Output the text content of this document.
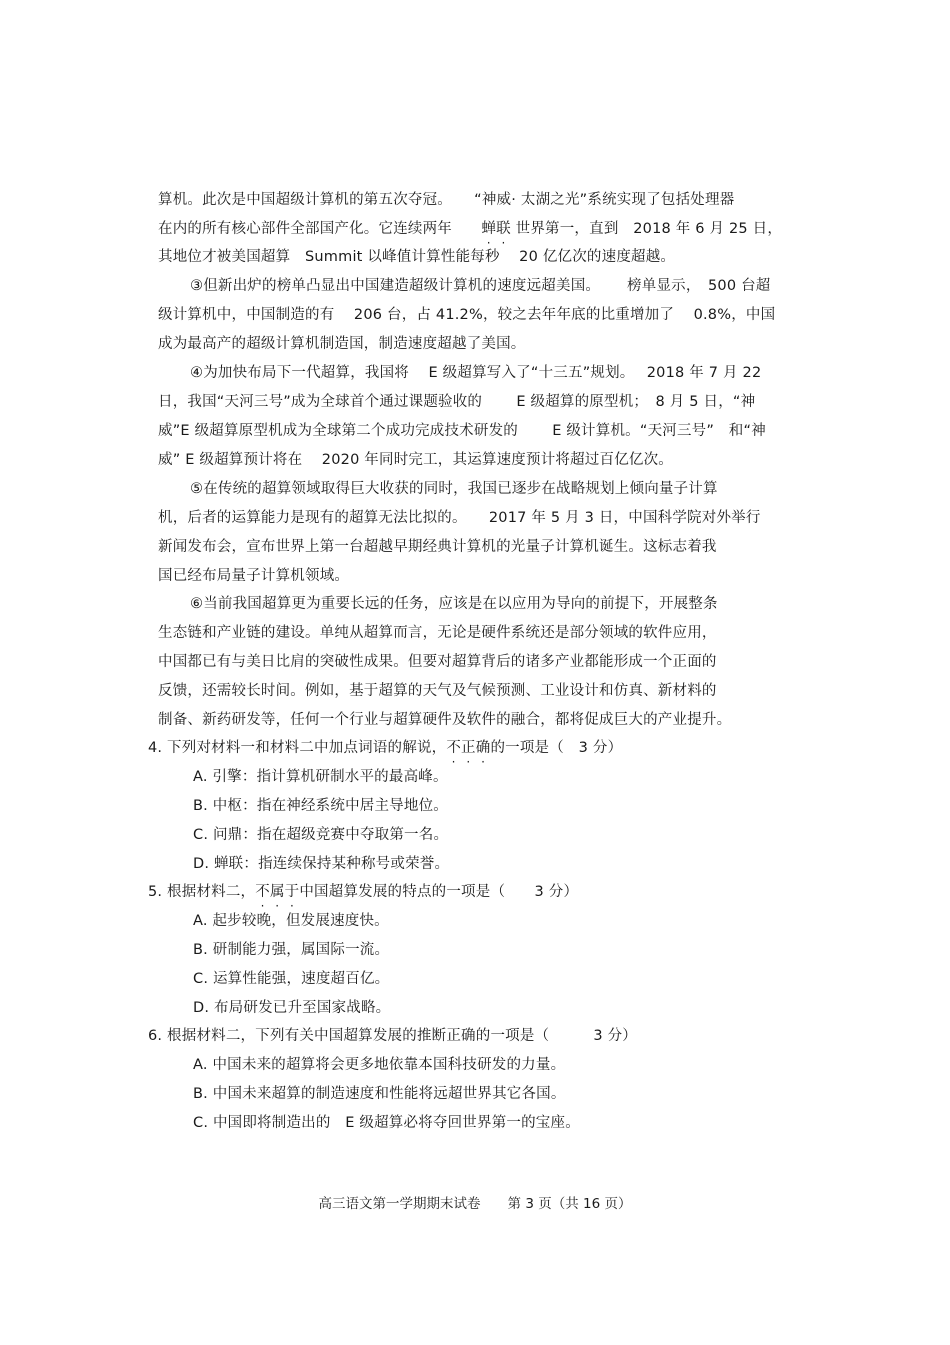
算机。此次是中国超级计算机的第五次夺冠。　　“神威· 太湖之光”系统实现了包括处理器
在内的所有核心部件全部国产化。它连续两年　　蝉联 世界第一，直到　2018 年 6 月 25 日，
其地位才被美国超算　Summit 以峰值计算性能每秒　 20 亿亿次的速度超越。
③但新出炉的榜单凸显出中国建造超级计算机的速度远超美国。　　 榜单显示，　500 台超
级计算机中，中国制造的有　 206 台，占 41.2%，较之去年年底的比重增加了　 0.8%，中国
成为最高产的超级计算机制造国，制造速度超越了美国。
④为加快布局下一代超算，我国将　 E 级超算写入了“十三五”规划。　 2018 年 7 月 22
日，我国“天河三号”成为全球首个通过课题验收的　　 E 级超算的原型机；　8 月 5 日，“神
威”E 级超算原型机成为全球第二个成功完成技术研发的　　 E 级计算机。“天河三号”　和“神
威” E 级超算预计将在　 2020 年同时完工，其运算速度预计将超过百亿亿次。
⑤在传统的超算领域取得巨大收获的同时，我国已逐步在战略规划上倾向量子计算
机，后者的运算能力是现有的超算无法比拟的。　　2017 年 5 月 3 日，中国科学院对外举行
新闻发布会，宣布世界上第一台超越早期经典计算机的光量子计算机诞生。这标志着我
国已经布局量子计算机领域。
⑥当前我国超算更为重要长远的任务，应该是在以应用为导向的前提下，开展整条
生态链和产业链的建设。单纯从超算而言，无论是硬件系统还是部分领域的软件应用，
中国都已有与美日比肩的突破性成果。但要对超算背后的诸多产业都能形成一个正面的
反馈，还需较长时间。例如，基于超算的天气及气候预测、工业设计和仿真、新材料的
制备、新药研发等，任何一个行业与超算硬件及软件的融合，都将促成巨大的产业提升。
4. 下列对材料一和材料二中加点词语的解说，不正确的一项是（　3 分）
A. 引擎：指计算机研制水平的最高峰。
B. 中枢：指在神经系统中居主导地位。
C. 问鼎：指在超级竞赛中夺取第一名。
D. 蝉联：指连续保持某种称号或荣誉。
5. 根据材料二，不属于中国超算发展的特点的一项是（　　3 分）
A. 起步较晚，但发展速度快。
B. 研制能力强，属国际一流。
C. 运算性能强，速度超百亿。
D. 布局研发已升至国家战略。
6. 根据材料二，下列有关中国超算发展的推断正确的一项是（　　　3 分）
A. 中国未来的超算将会更多地依靠本国科技研发的力量。
B. 中国未来超算的制造速度和性能将远超世界其它各国。
C. 中国即将制造出的　E 级超算必将夺回世界第一的宝座。
高三语文第一学期期末试卷　　第 3 页（共 16 页）
